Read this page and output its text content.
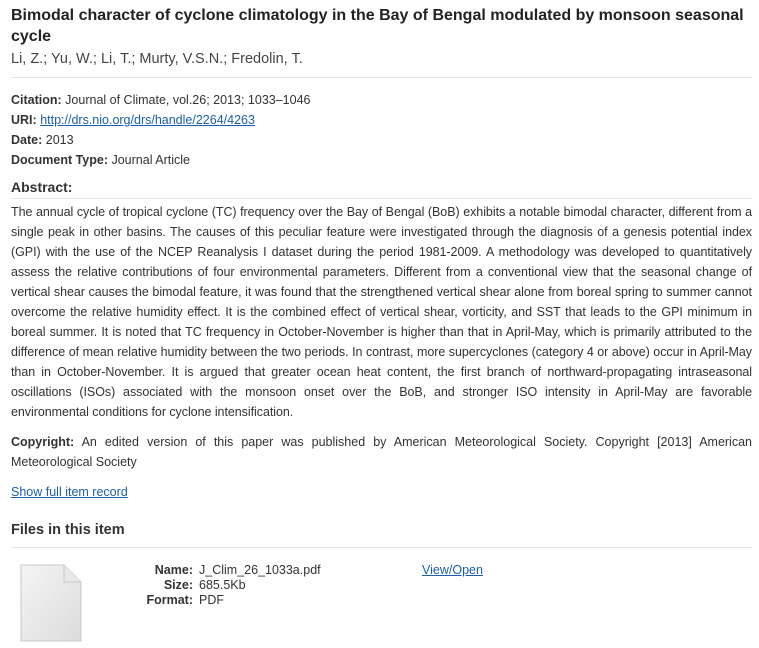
Bimodal character of cyclone climatology in the Bay of Bengal modulated by monsoon seasonal cycle
Li, Z.; Yu, W.; Li, T.; Murty, V.S.N.; Fredolin, T.
Citation: Journal of Climate, vol.26; 2013; 1033–1046
URI: http://drs.nio.org/drs/handle/2264/4263
Date: 2013
Document Type: Journal Article
Abstract:
The annual cycle of tropical cyclone (TC) frequency over the Bay of Bengal (BoB) exhibits a notable bimodal character, different from a single peak in other basins. The causes of this peculiar feature were investigated through the diagnosis of a genesis potential index (GPI) with the use of the NCEP Reanalysis I dataset during the period 1981-2009. A methodology was developed to quantitatively assess the relative contributions of four environmental parameters. Different from a conventional view that the seasonal change of vertical shear causes the bimodal feature, it was found that the strengthened vertical shear alone from boreal spring to summer cannot overcome the relative humidity effect. It is the combined effect of vertical shear, vorticity, and SST that leads to the GPI minimum in boreal summer. It is noted that TC frequency in October-November is higher than that in April-May, which is primarily attributed to the difference of mean relative humidity between the two periods. In contrast, more supercyclones (category 4 or above) occur in April-May than in October-November. It is argued that greater ocean heat content, the first branch of northward-propagating intraseasonal oscillations (ISOs) associated with the monsoon onset over the BoB, and stronger ISO intensity in April-May are favorable environmental conditions for cyclone intensification.
Copyright: An edited version of this paper was published by American Meteorological Society. Copyright [2013] American Meteorological Society
Show full item record
Files in this item
Name:
Size:
Format:
J_Clim_26_1033a.pdf
685.5Kb
PDF
View/Open
